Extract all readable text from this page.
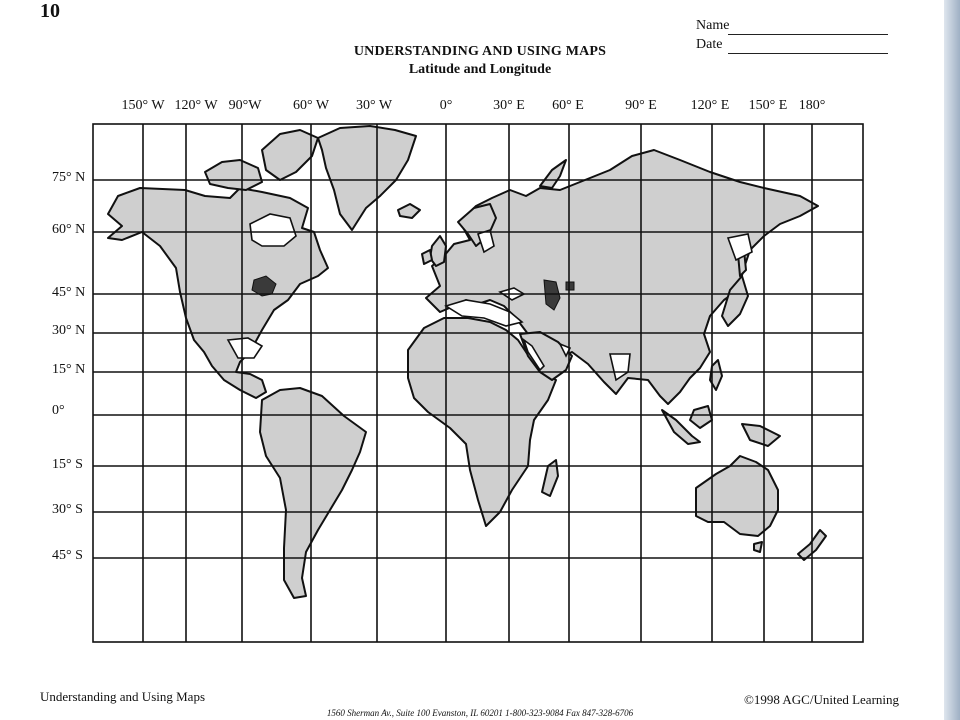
10
Name
Date
UNDERSTANDING AND USING MAPS
Latitude and Longitude
150° W 120° W 90°W 60° W 30° W	0°	30° E 60° E	90° E 120° E 150° E 180°
75° N
60° N
45° N
30° N
15° N
0°
15° S
30° S
45° S
Understanding and Using Maps	©1998 AGC/United Learning
1560 Sherman Av., Suite 100 Evanston, IL 60201 1-800-323-9084 Fax 847-328-6706
